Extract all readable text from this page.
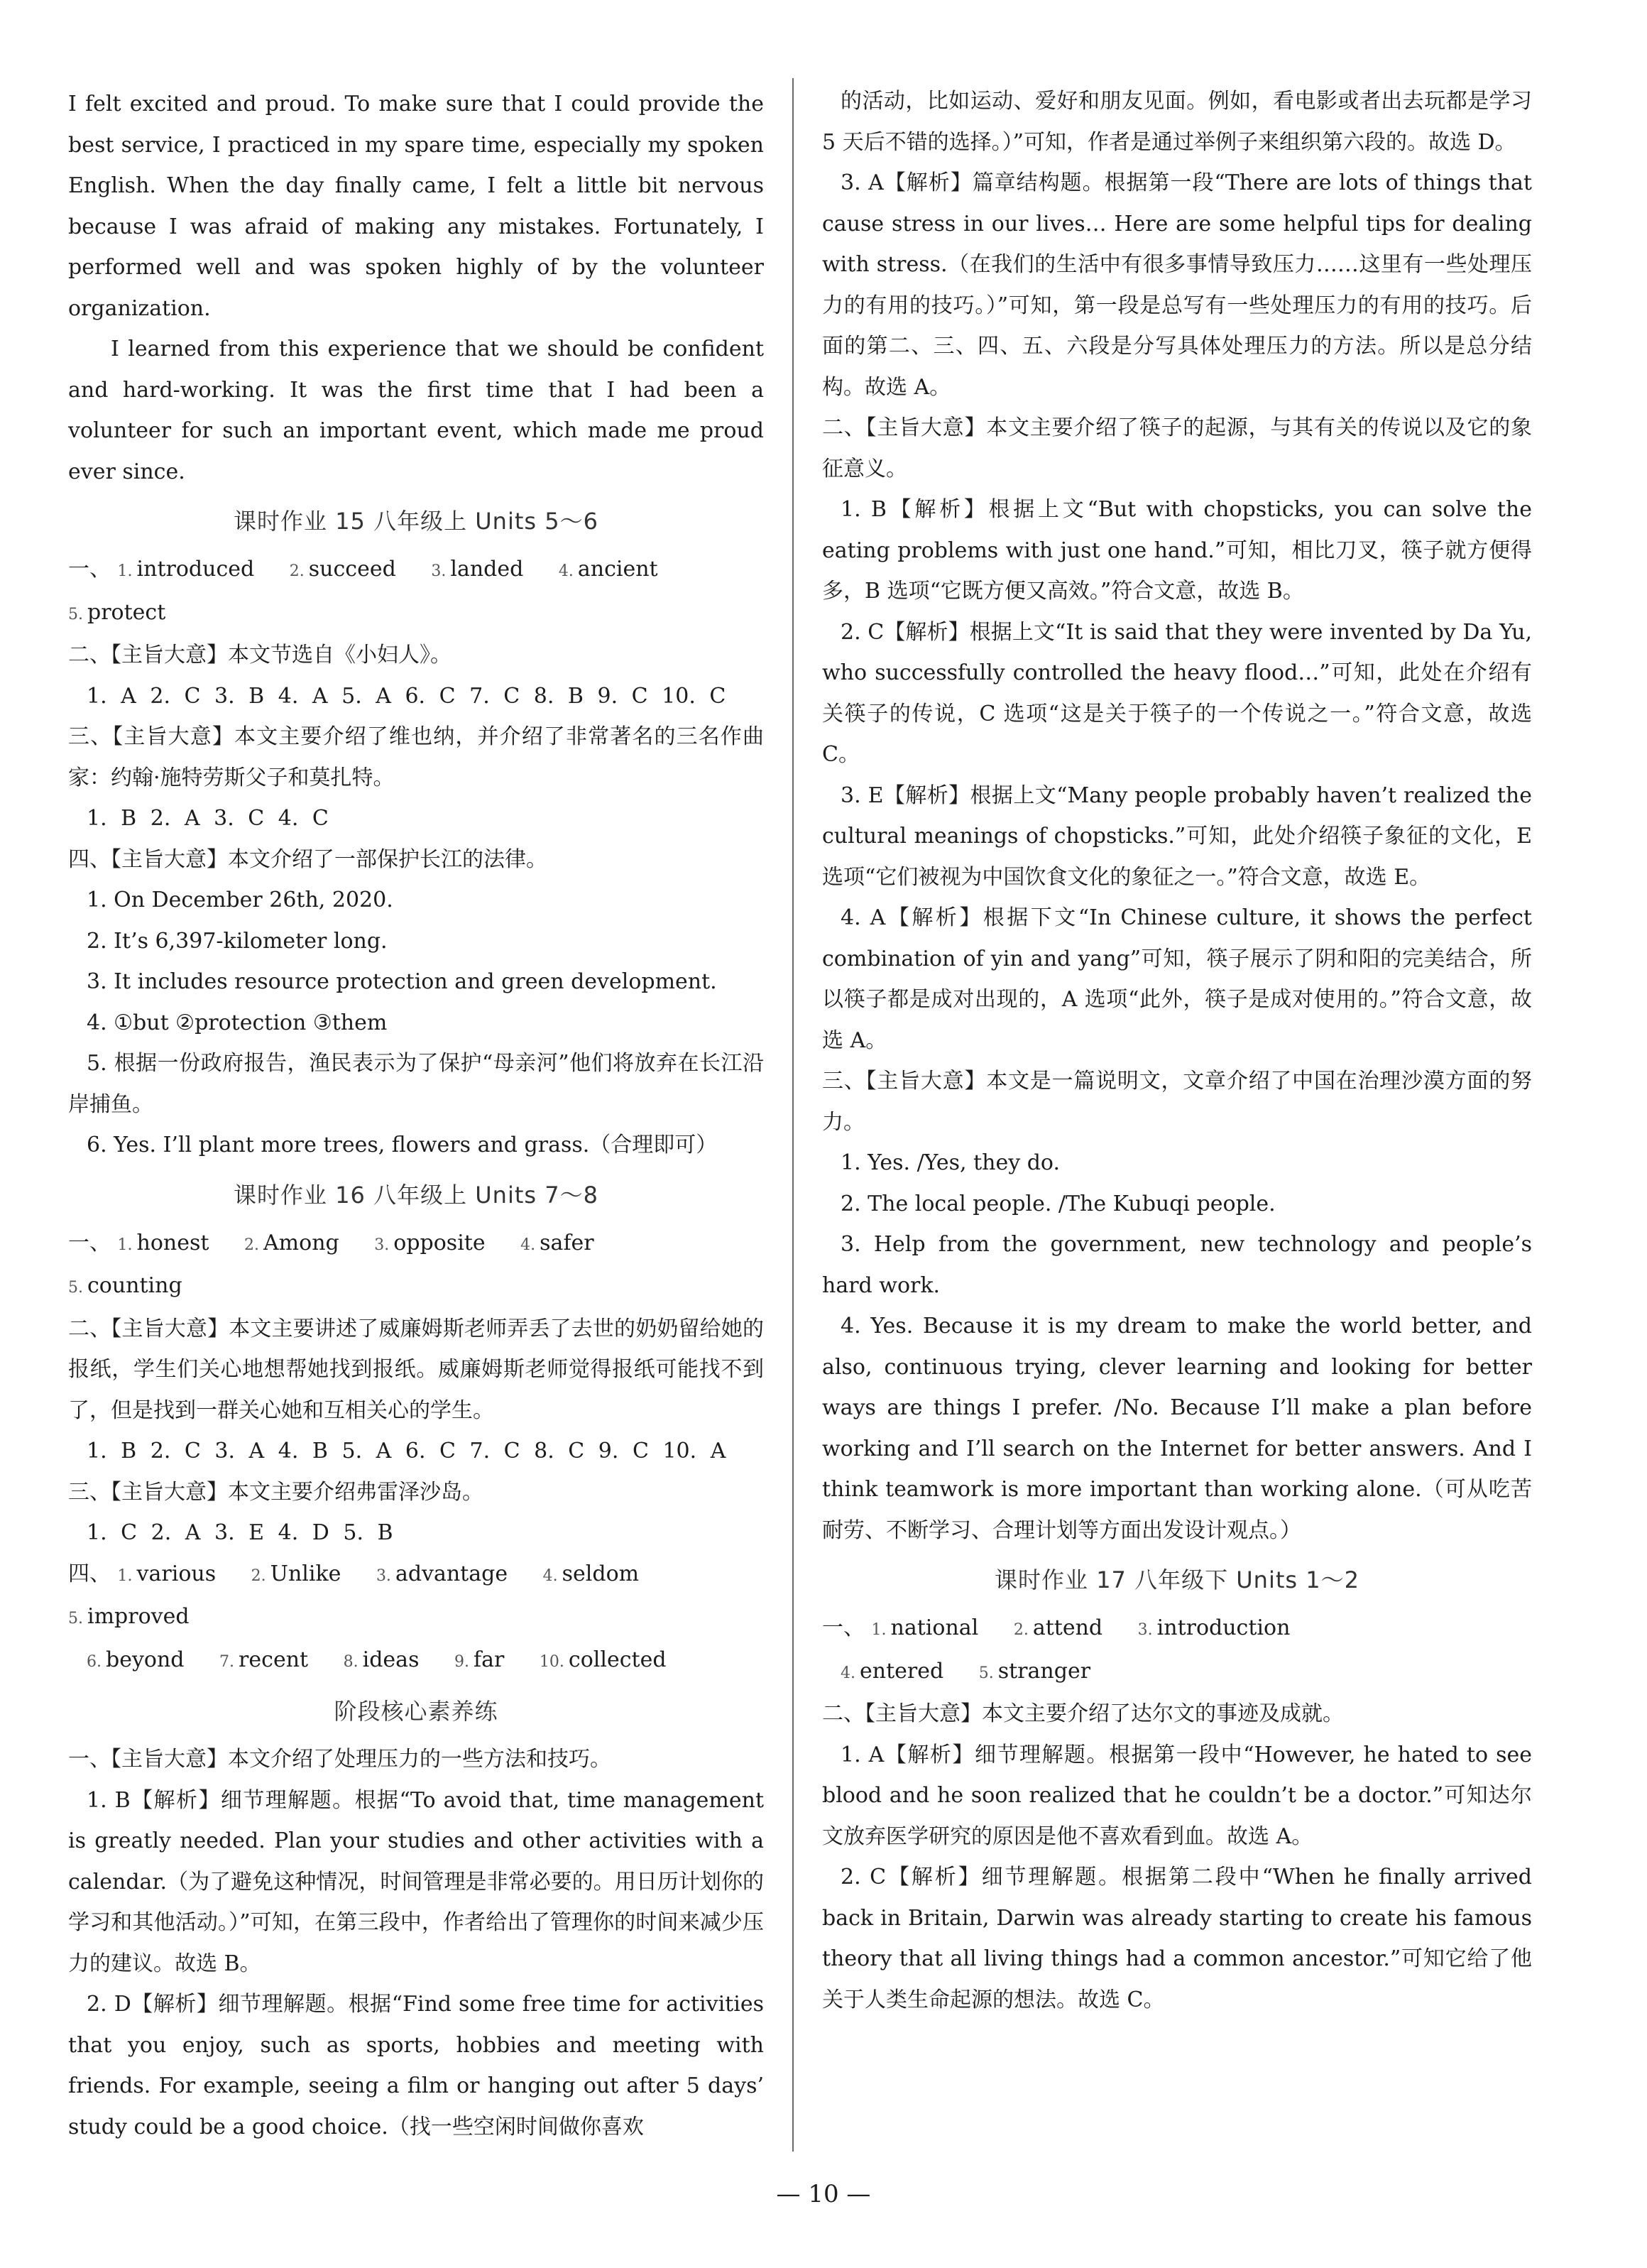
I felt excited and proud. To make sure that I could provide the best service, I practiced in my spare time, especially my spoken English. When the day finally came, I felt a little bit nervous because I was afraid of making any mistakes. Fortunately, I performed well and was spoken highly of by the volunteer organization.

I learned from this experience that we should be confident and hard-working. It was the first time that I had been a volunteer for such an important event, which made me proud ever since.

课时作业 15 八年级上 Units 5～6

一、 1. introduced 2. succeed 3. landed 4. ancient 5. protect

二、【主旨大意】本文节选自《小妇人》。

1. A 2. C 3. B 4. A 5. A 6. C 7. C 8. B 9. C 10. C

三、【主旨大意】本文主要介绍了维也纳，并介绍了非常著名的三名作曲家：约翰·施特劳斯父子和莫扎特。

1. B 2. A 3. C 4. C

四、【主旨大意】本文介绍了一部保护长江的法律。

1. On December 26th, 2020.

2. It’s 6,397-kilometer long.

3. It includes resource protection and green development.

4. ①but ②protection ③them

5. 根据一份政府报告，渔民表示为了保护“母亲河”他们将放弃在长江沿岸捕鱼。

6. Yes. I’ll plant more trees, flowers and grass.（合理即可）

课时作业 16 八年级上 Units 7～8

一、 1. honest 2. Among 3. opposite 4. safer 5. counting

二、【主旨大意】本文主要讲述了威廉姆斯老师弄丢了去世的奶奶留给她的报纸，学生们关心地想帮她找到报纸。威廉姆斯老师觉得报纸可能找不到了，但是找到一群关心她和互相关心的学生。

1. B 2. C 3. A 4. B 5. A 6. C 7. C 8. C 9. C 10. A

三、【主旨大意】本文主要介绍弗雷泽沙岛。

1. C 2. A 3. E 4. D 5. B

四、 1. various 2. Unlike 3. advantage 4. seldom 5. improved

6. beyond 7. recent 8. ideas 9. far 10. collected

阶段核心素养练

一、【主旨大意】本文介绍了处理压力的一些方法和技巧。

1. B【解析】细节理解题。根据“To avoid that, time management is greatly needed. Plan your studies and other activities with a calendar.（为了避免这种情况，时间管理是非常必要的。用日历计划你的学习和其他活动。）”可知，在第三段中，作者给出了管理你的时间来减少压力的建议。故选 B。

2. D【解析】细节理解题。根据“Find some free time for activities that you enjoy, such as sports, hobbies and meeting with friends. For example, seeing a film or hanging out after 5 days’ study could be a good choice.（找一些空闲时间做你喜欢

的活动，比如运动、爱好和朋友见面。例如，看电影或者出去玩都是学习 5 天后不错的选择。）”可知，作者是通过举例子来组织第六段的。故选 D。

3. A【解析】篇章结构题。根据第一段“There are lots of things that cause stress in our lives… Here are some helpful tips for dealing with stress.（在我们的生活中有很多事情导致压力……这里有一些处理压力的有用的技巧。）”可知，第一段是总写有一些处理压力的有用的技巧。后面的第二、三、四、五、六段是分写具体处理压力的方法。所以是总分结构。故选 A。

二、【主旨大意】本文主要介绍了筷子的起源，与其有关的传说以及它的象征意义。

1. B【解析】根据上文“But with chopsticks, you can solve the eating problems with just one hand.”可知，相比刀叉，筷子就方便得多，B 选项“它既方便又高效。”符合文意，故选 B。

2. C【解析】根据上文“It is said that they were invented by Da Yu, who successfully controlled the heavy flood…”可知，此处在介绍有关筷子的传说，C 选项“这是关于筷子的一个传说之一。”符合文意，故选 C。

3. E【解析】根据上文“Many people probably haven’t realized the cultural meanings of chopsticks.”可知，此处介绍筷子象征的文化，E 选项“它们被视为中国饮食文化的象征之一。”符合文意，故选 E。

4. A【解析】根据下文“In Chinese culture, it shows the perfect combination of yin and yang”可知，筷子展示了阴和阳的完美结合，所以筷子都是成对出现的，A 选项“此外，筷子是成对使用的。”符合文意，故选 A。

三、【主旨大意】本文是一篇说明文，文章介绍了中国在治理沙漠方面的努力。

1. Yes. /Yes, they do.

2. The local people. /The Kubuqi people.

3. Help from the government, new technology and people’s hard work.

4. Yes. Because it is my dream to make the world better, and also, continuous trying, clever learning and looking for better ways are things I prefer. /No. Because I’ll make a plan before working and I’ll search on the Internet for better answers. And I think teamwork is more important than working alone.（可从吃苦耐劳、不断学习、合理计划等方面出发设计观点。）

课时作业 17 八年级下 Units 1～2

一、 1. national 2. attend 3. introduction

4. entered 5. stranger

二、【主旨大意】本文主要介绍了达尔文的事迹及成就。

1. A【解析】细节理解题。根据第一段中“However, he hated to see blood and he soon realized that he couldn’t be a doctor.”可知达尔文放弃医学研究的原因是他不喜欢看到血。故选 A。

2. C【解析】细节理解题。根据第二段中“When he finally arrived back in Britain, Darwin was already starting to create his famous theory that all living things had a common ancestor.”可知它给了他关于人类生命起源的想法。故选 C。

— 10 —
